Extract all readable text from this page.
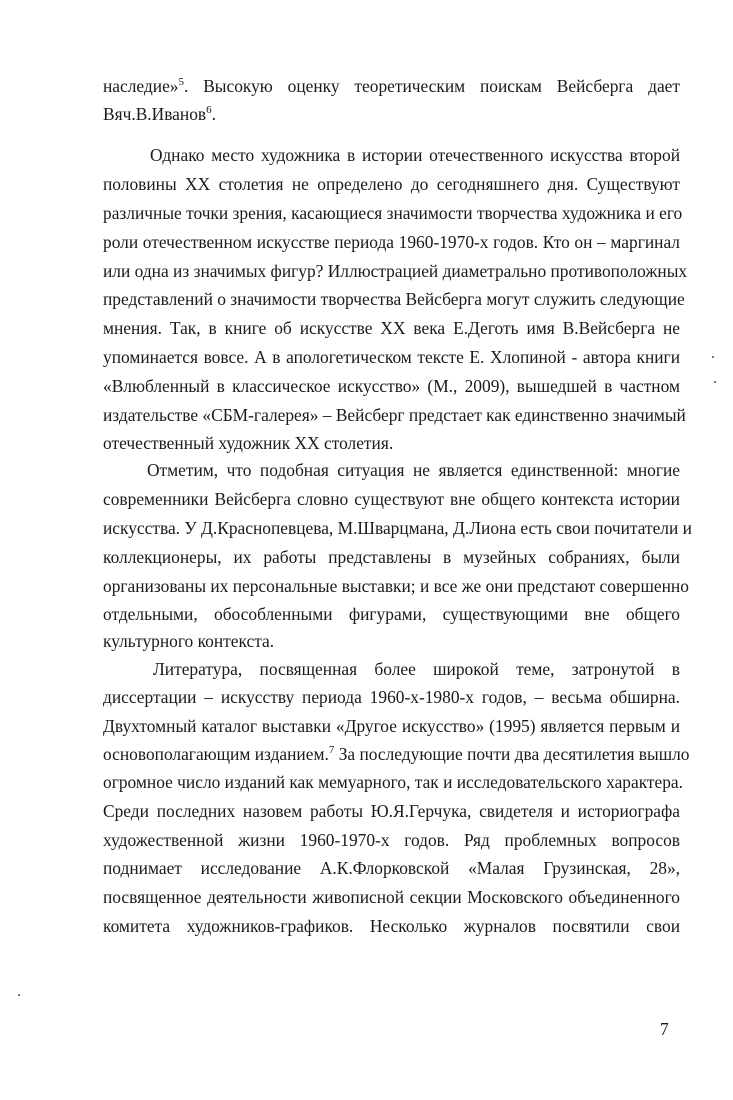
наследие»$^5$. Высокую оценку теоретическим поискам Вейсберга дает
Вяч.В.Иванов$^6$.
Однако место художника в истории отечественного искусства второй
половины XX столетия не определено до сегодняшнего дня. Существуют
различные точки зрения, касающиеся значимости творчества художника и его
роли отечественном искусстве периода 1960-1970-х годов. Кто он – маргинал
или одна из значимых фигур? Иллюстрацией диаметрально противоположных
представлений о значимости творчества Вейсберга могут служить следующие
мнения. Так, в книге об искусстве XX века Е.Деготь имя В.Вейсберга не
упоминается вовсе. А в апологетическом тексте Е. Хлопиной - автора книги
«Влюбленный в классическое искусство» (М., 2009), вышедшей в частном
издательстве «СБМ-галерея» – Вейсберг предстает как единственно значимый
отечественный художник XX столетия.
Отметим, что подобная ситуация не является единственной: многие
современники Вейсберга словно существуют вне общего контекста истории
искусства. У Д.Краснопевцева, М.Шварцмана, Д.Лиона есть свои почитатели и
коллекционеры, их работы представлены в музейных собраниях, были
организованы их персональные выставки; и все же они предстают совершенно
отдельными, обособленными фигурами, существующими вне общего
культурного контекста.
Литература, посвященная более широкой теме, затронутой в
диссертации – искусству периода 1960-х-1980-х годов, – весьма обширна.
Двухтомный каталог выставки «Другое искусство» (1995) является первым и
основополагающим изданием.$^7$ За последующие почти два десятилетия вышло
огромное число изданий как мемуарного, так и исследовательского характера.
Среди последних назовем работы Ю.Я.Герчука, свидетеля и историографа
художественной жизни 1960-1970-х годов. Ряд проблемных вопросов
поднимает исследование А.К.Флорковской «Малая Грузинская, 28»,
посвященное деятельности живописной секции Московского объединенного
комитета художников-графиков. Несколько журналов посвятили свои
7
